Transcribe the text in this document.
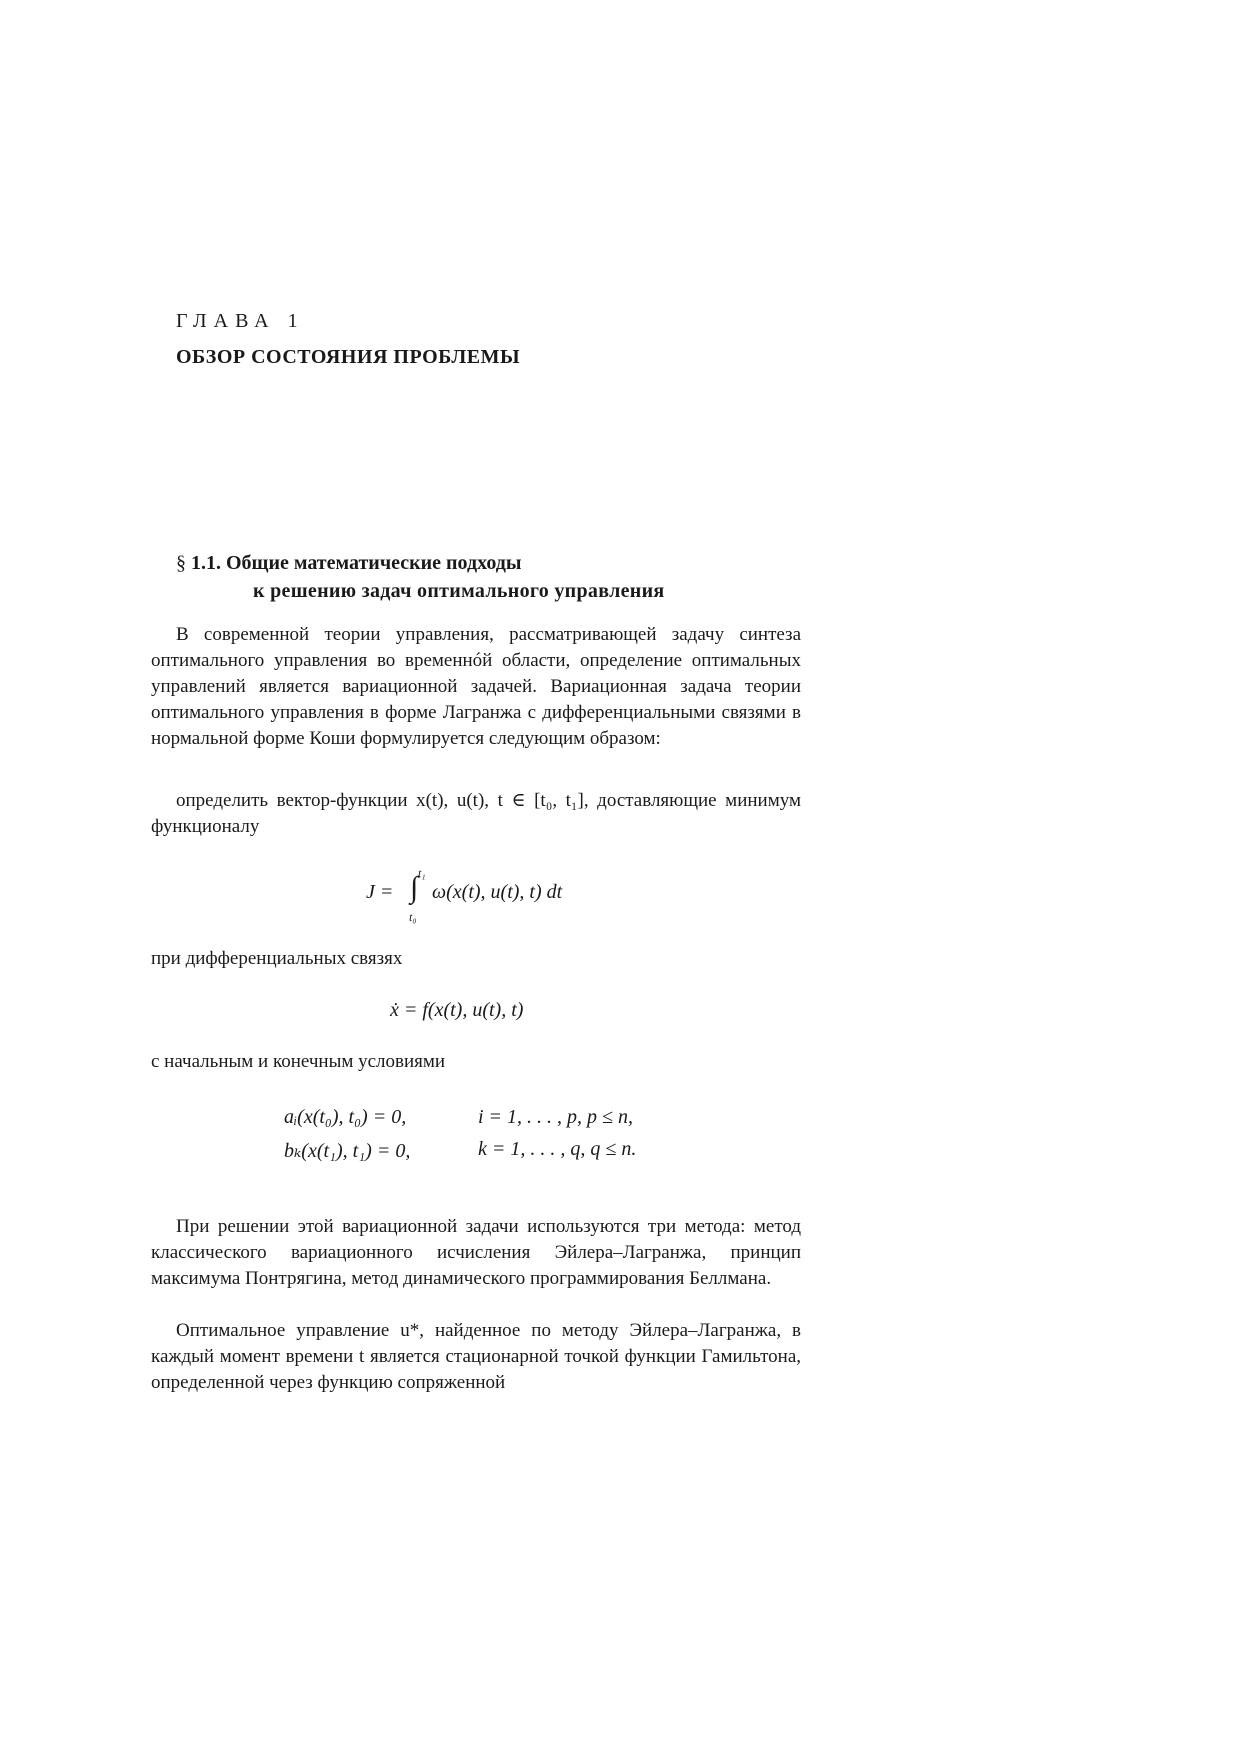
ГЛАВА 1
ОБЗОР СОСТОЯНИЯ ПРОБЛЕМЫ
§ 1.1. Общие математические подходы
к решению задач оптимального управления

В современной теории управления, рассматривающей задачу синтеза оптимального управления во временнóй области, определение оптимальных управлений является вариационной задачей. Вариационная задача теории оптимального управления в форме Лагранжа с дифференциальными связями в нормальной форме Коши формулируется следующим образом:

определить вектор-функции x(t), u(t), t ∈ [t₀, t₁], доставляющие минимум функционалу

J = ∫ t₁
t₀
ω(x(t), u(t), t) dt
при дифференциальных связях
ẋ = f(x(t), u(t), t)
с начальным и конечным условиями
aᵢ(x(t₀), t₀) = 0,	i = 1, . . . , p, p ≤ n,
bₖ(x(t₁), t₁) = 0,	k = 1, . . . , q, q ≤ n.

При решении этой вариационной задачи используются три метода: метод классического вариационного исчисления Эйлера–Лагранжа, принцип максимума Понтрягина, метод динамического программирования Беллмана.

Оптимальное управление u*, найденное по методу Эйлера–Лагранжа, в каждый момент времени t является стационарной точкой функции Гамильтона, определенной через функцию сопряженной
